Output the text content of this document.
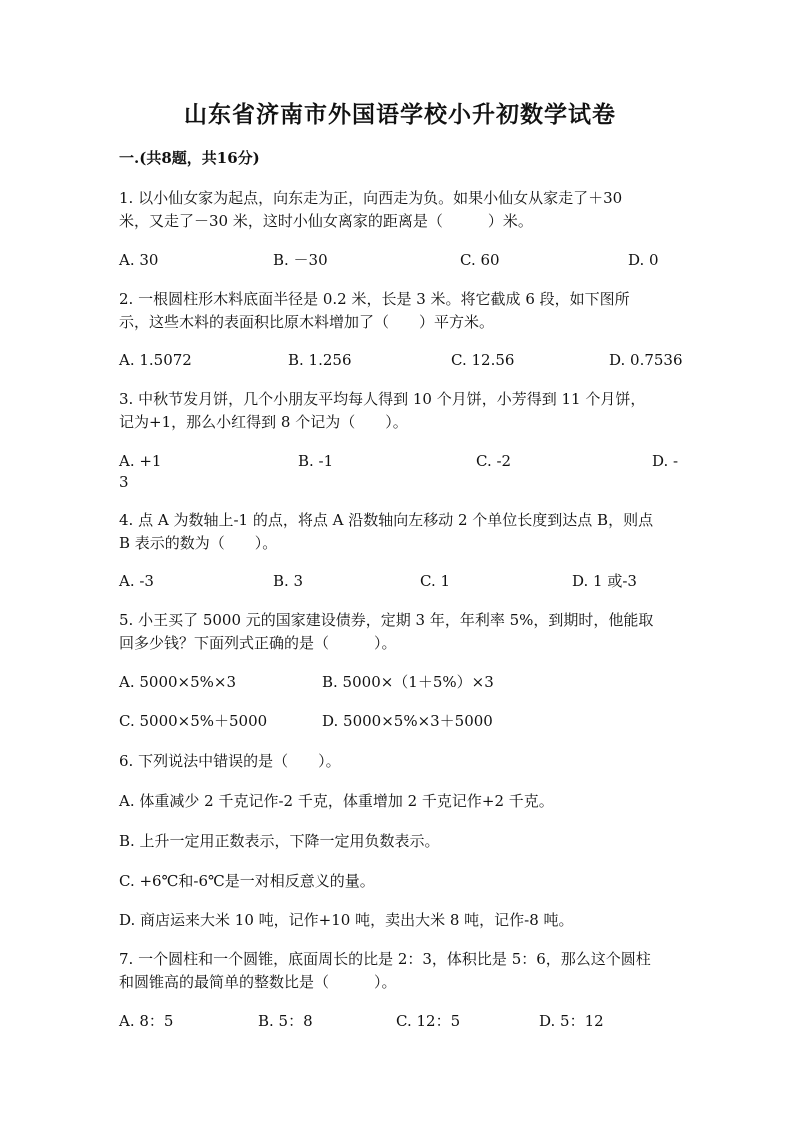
山东省济南市外国语学校小升初数学试卷
一.(共8题，共16分)
1. 以小仙女家为起点，向东走为正，向西走为负。如果小仙女从家走了＋30
米，又走了－30 米，这时小仙女离家的距离是（　　　）米。
A. 30	B. －30	C. 60	D. 0
2. 一根圆柱形木料底面半径是 0.2 米，长是 3 米。将它截成 6 段，如下图所
示，这些木料的表面积比原木料增加了（　　）平方米。
A. 1.5072	B. 1.256	C. 12.56	D. 0.7536
3. 中秋节发月饼，几个小朋友平均每人得到 10 个月饼，小芳得到 11 个月饼，
记为+1，那么小红得到 8 个记为（　　）。
A. +1	B. -1	C. -2	D. -
3
4. 点 A 为数轴上-1 的点，将点 A 沿数轴向左移动 2 个单位长度到达点 B，则点
B 表示的数为（　　）。
A. -3	B. 3	C. 1	D. 1 或-3
5. 小王买了 5000 元的国家建设债券，定期 3 年，年利率 5%，到期时，他能取
回多少钱？下面列式正确的是（　　　）。
A. 5000×5%×3	B. 5000×（1＋5%）×3
C. 5000×5%＋5000	D. 5000×5%×3＋5000
6. 下列说法中错误的是（　　）。
A. 体重减少 2 千克记作-2 千克，体重增加 2 千克记作+2 千克。
B. 上升一定用正数表示，下降一定用负数表示。
C. +6℃和-6℃是一对相反意义的量。
D. 商店运来大米 10 吨，记作+10 吨，卖出大米 8 吨，记作-8 吨。
7. 一个圆柱和一个圆锥，底面周长的比是 2：3，体积比是 5：6，那么这个圆柱
和圆锥高的最简单的整数比是（　　　）。
A. 8：5	B. 5：8	C. 12：5	D. 5：12
